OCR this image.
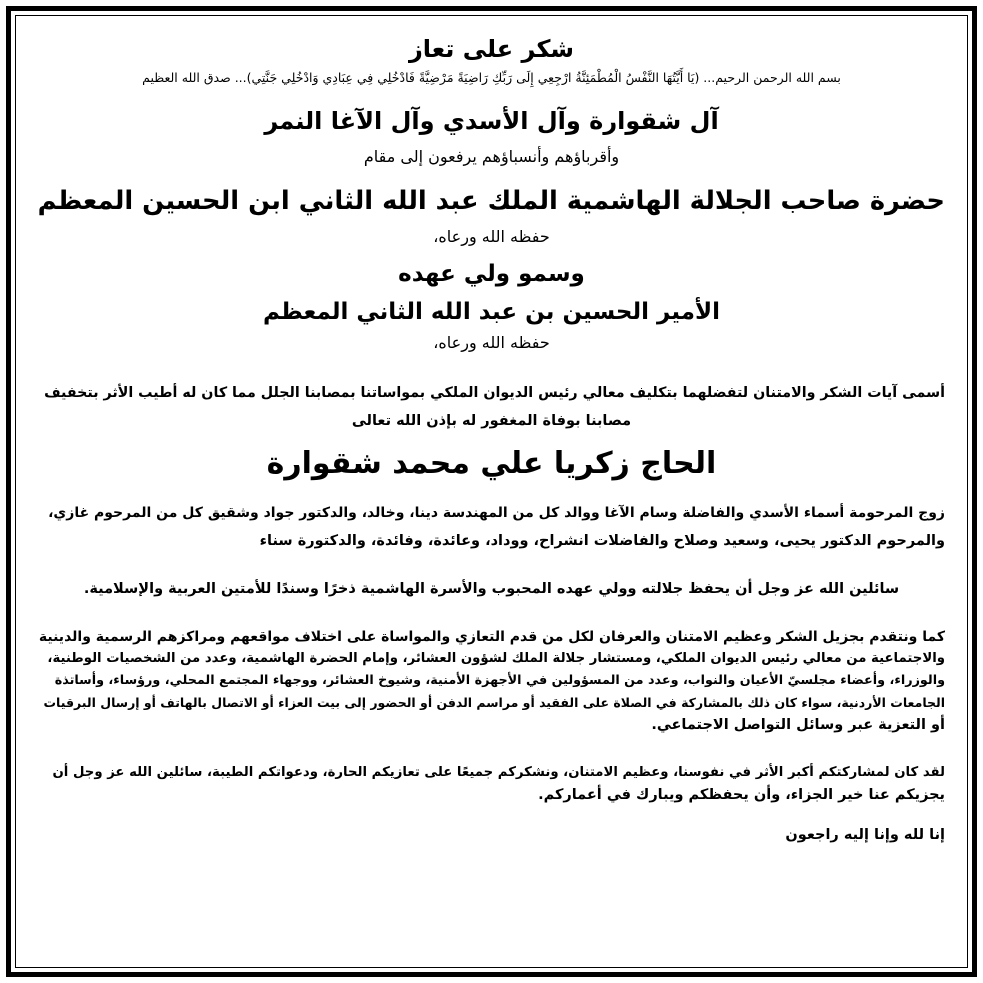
شكر على تعاز
بسم الله الرحمن الرحيم... (يَا أَيَّتُهَا النَّفْسُ الْمُطْمَئِنَّةُ ارْجِعِي إِلَى رَبِّكِ رَاضِيَةً مَرْضِيَّةً فَادْخُلِي فِي عِبَادِي وَادْخُلِي جَنَّتِي)... صدق الله العظيم
آل شقوارة وآل الأسدي وآل الآغا النمر
وأقرباؤهم وأنسباؤهم يرفعون إلى مقام
حضرة صاحب الجلالة الهاشمية الملك عبد الله الثاني ابن الحسين المعظم
حفظه الله ورعاه،
وسمو ولي عهده
الأمير الحسين بن عبد الله الثاني المعظم
حفظه الله ورعاه،
أسمى آيات الشكر والامتنان لتفضلهما بتكليف معالي رئيس الديوان الملكي بمواساتنا بمصابنا الجلل مما كان له أطيب الأثر بتخفيف
مصابنا بوفاة المغفور له بإذن الله تعالى
الحاج زكريا علي محمد شقوارة
زوج المرحومة أسماء الأسدي والفاضلة وسام الآغا ووالد كل من المهندسة دينا، وخالد، والدكتور جواد وشقيق كل من المرحوم غازي،
والمرحوم الدكتور يحيى، وسعيد وصلاح والفاضلات انشراح، ووداد، وعائدة، وفائدة، والدكتورة سناء
سائلين الله عز وجل أن يحفظ جلالته وولي عهده المحبوب والأسرة الهاشمية ذخرًا وسندًا للأمتين العربية والإسلامية.
كما ونتقدم بجزيل الشكر وعظيم الامتنان والعرفان لكل من قدم التعازي والمواساة على اختلاف مواقعهم ومراكزهم الرسمية والدينية
والاجتماعية من معالي رئيس الديوان الملكي، ومستشار جلالة الملك لشؤون العشائر، وإمام الحضرة الهاشمية، وعدد من الشخصيات الوطنية،
والوزراء، وأعضاء مجلسيّ الأعيان والنواب، وعدد من المسؤولين في الأجهزة الأمنية، وشيوخ العشائر، ووجهاء المجتمع المحلي، ورؤساء، وأساتذة
الجامعات الأردنية، سواء كان ذلك بالمشاركة في الصلاة على الفقيد أو مراسم الدفن أو الحضور إلى بيت العزاء أو الاتصال بالهاتف أو إرسال البرقيات
أو التعزية عبر وسائل التواصل الاجتماعي.
لقد كان لمشاركتكم أكبر الأثر في نفوسنا، وعظيم الامتنان، ونشكركم جميعًا على تعازيكم الحارة، ودعواتكم الطيبة، سائلين الله عز وجل أن
يجزيكم عنا خير الجزاء، وأن يحفظكم ويبارك في أعماركم.
إنا لله وإنا إليه راجعون
